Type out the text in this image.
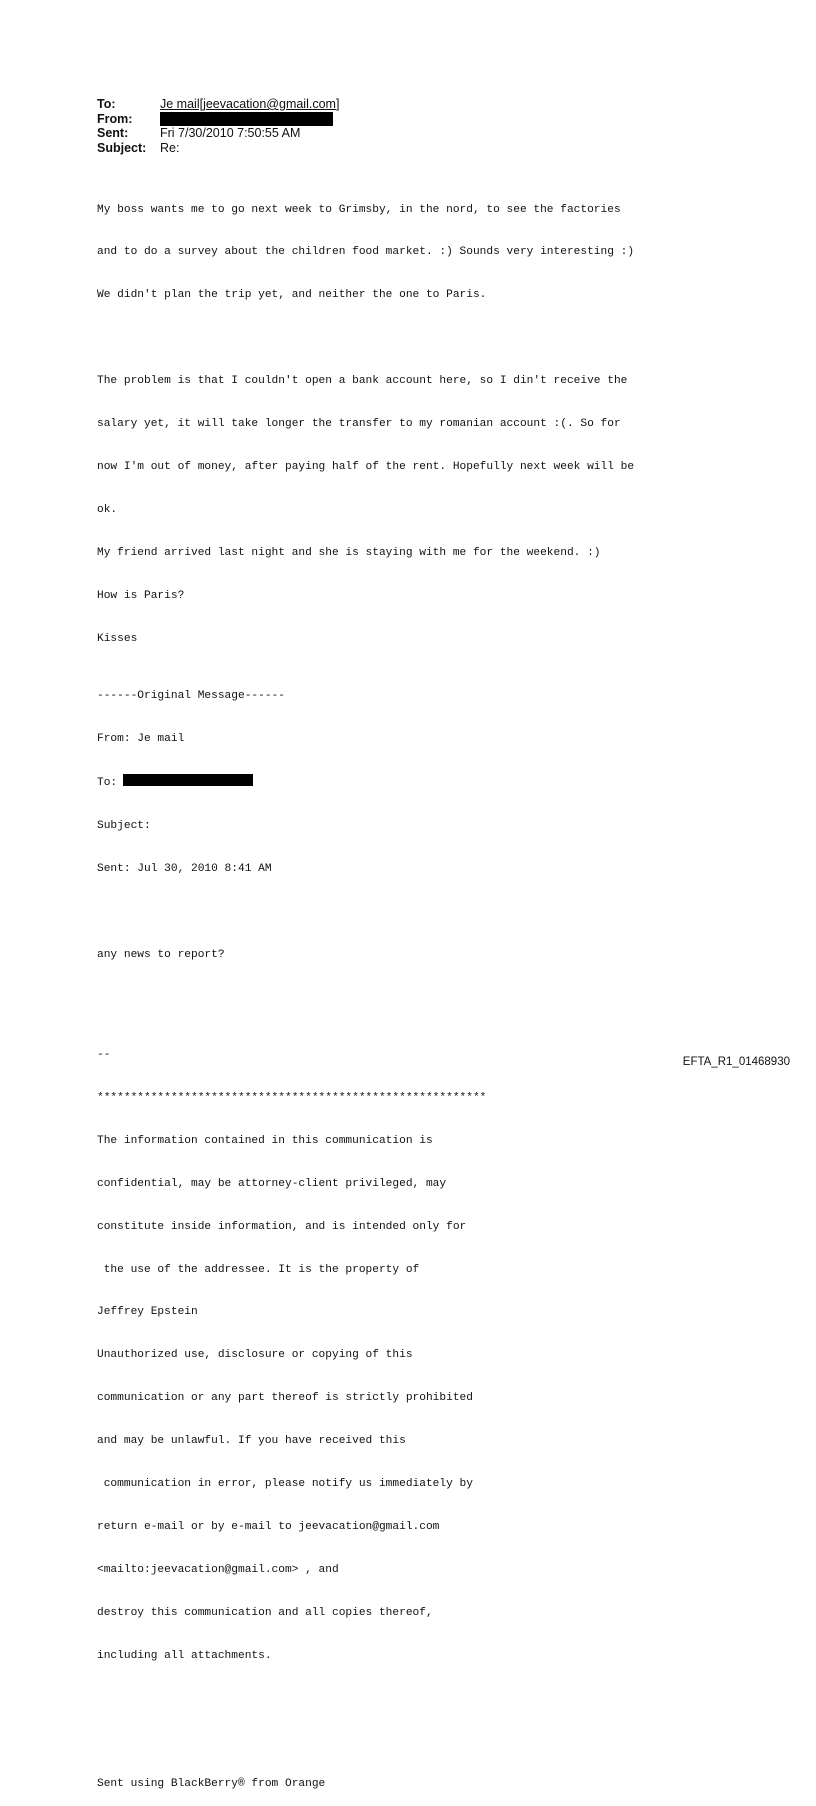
To:	Je mail[jeevacation@gmail.com]
From:
Sent:	Fri 7/30/2010 7:50:55 AM
Subject:	Re:

My boss wants me to go next week to Grimsby, in the nord, to see the factories

and to do a survey about the children food market. :) Sounds very interesting :)

We didn't plan the trip yet, and neither the one to Paris.

The problem is that I couldn't open a bank account here, so I din't receive the

salary yet, it will take longer the transfer to my romanian account :(. So for

now I'm out of money, after paying half of the rent. Hopefully next week will be

ok.

My friend arrived last night and she is staying with me for the weekend. :)

How is Paris?

Kisses

------Original Message------

From: Je mail

To:

Subject:

Sent: Jul 30, 2010 8:41 AM

any news to report?

--

**********************************************************

The information contained in this communication is

confidential, may be attorney-client privileged, may

constitute inside information, and is intended only for

the use of the addressee. It is the property of

Jeffrey Epstein

Unauthorized use, disclosure or copying of this

communication or any part thereof is strictly prohibited

and may be unlawful. If you have received this

communication in error, please notify us immediately by

return e-mail or by e-mail to jeevacation@gmail.com

<mailto:jeevacation@gmail.com> , and

destroy this communication and all copies thereof,

including all attachments.

Sent using BlackBerry® from Orange

EFTA_R1_01468930
